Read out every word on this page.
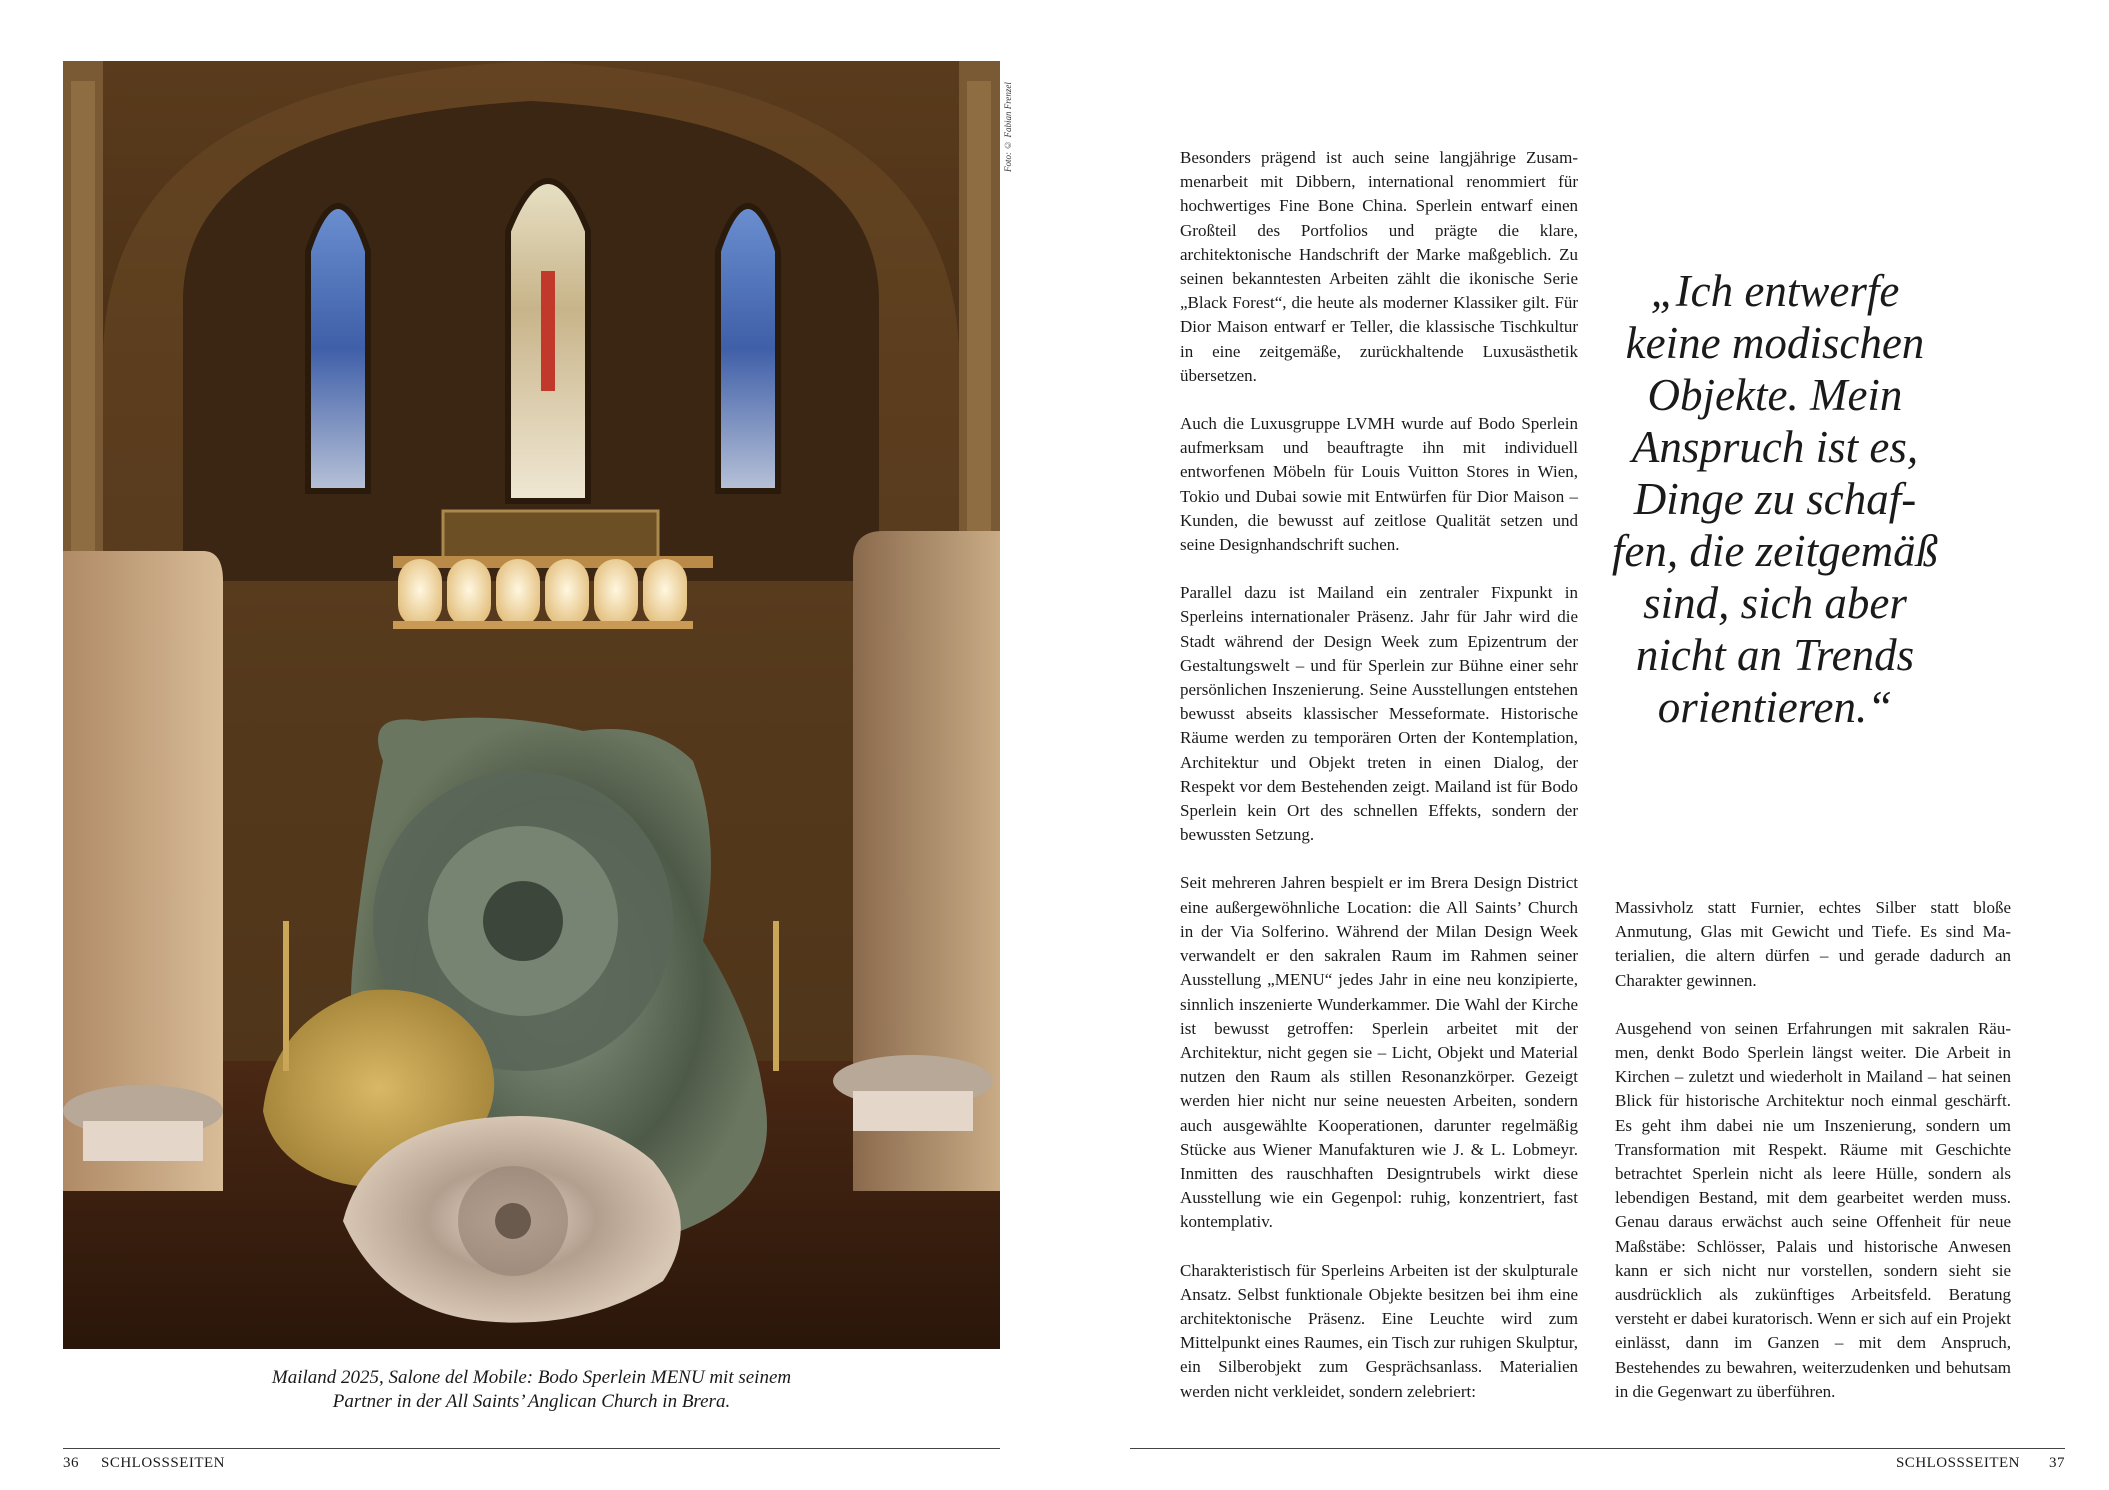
Foto: © Fabian Frenzel
Mailand 2025, Salone del Mobile: Bodo Sperlein MENU mit seinem
Partner in der All Saints’ Anglican Church in Brera.
36 SCHLOSSSEITEN	SCHLOSSSEITEN 37

Besonders prägend ist auch seine langjährige Zusammenarbeit mit Dibbern, international renommiert für hochwertiges Fine Bone China. Sperlein entwarf einen Großteil des Portfolios und prägte die klare, architektonische Handschrift der Marke maßgeblich. Zu seinen bekanntesten Arbeiten zählt die ikonische Serie „Black Forest“, die heute als moderner Klassiker gilt. Für Dior Maison entwarf er Teller, die klassische Tischkultur in eine zeitgemäße, zurückhaltende Luxusästhetik übersetzen.

Auch die Luxusgruppe LVMH wurde auf Bodo Sperlein aufmerksam und beauftragte ihn mit individuell entworfenen Möbeln für Louis Vuitton Stores in Wien, Tokio und Dubai sowie mit Entwürfen für Dior Maison – Kunden, die bewusst auf zeitlose Qualität setzen und seine Designhandschrift suchen.

Parallel dazu ist Mailand ein zentraler Fixpunkt in Sperleins internationaler Präsenz. Jahr für Jahr wird die Stadt während der Design Week zum Epizentrum der Gestaltungswelt – und für Sperlein zur Bühne einer sehr persönlichen Inszenierung. Seine Ausstellungen entstehen bewusst abseits klassischer Messeformate. Historische Räume werden zu temporären Orten der Kontemplation, Architektur und Objekt treten in einen Dialog, der Respekt vor dem Bestehenden zeigt. Mailand ist für Bodo Sperlein kein Ort des schnellen Effekts, sondern der bewussten Setzung.

Seit mehreren Jahren bespielt er im Brera Design District eine außergewöhnliche Location: die All Saints’ Church in der Via Solferino. Während der Milan Design Week verwandelt er den sakralen Raum im Rahmen seiner Ausstellung „MENU“ jedes Jahr in eine neu konzipierte, sinnlich inszenierte Wunderkammer. Die Wahl der Kirche ist bewusst getroffen: Sperlein arbeitet mit der Architektur, nicht gegen sie – Licht, Objekt und Material nutzen den Raum als stillen Resonanzkörper. Gezeigt werden hier nicht nur seine neuesten Arbeiten, sondern auch ausgewählte Kooperationen, darunter regelmäßig Stücke aus Wiener Manufakturen wie J. & L. Lobmeyr. Inmitten des rauschhaften Designtrubels wirkt diese Ausstellung wie ein Gegenpol: ruhig, konzentriert, fast kontemplativ.

Charakteristisch für Sperleins Arbeiten ist der skulpturale Ansatz. Selbst funktionale Objekte besitzen bei ihm eine architektonische Präsenz. Eine Leuchte wird zum Mittelpunkt eines Raumes, ein Tisch zur ruhigen Skulptur, ein Silberobjekt zum Gesprächsanlass. Materialien werden nicht verkleidet, sondern zelebriert:

„Ich entwerfe
keine modischen
Objekte. Mein
Anspruch ist es,
Dinge zu schaf-
fen, die zeitgemäß
sind, sich aber
nicht an Trends
orientieren.“

Massivholz statt Furnier, echtes Silber statt bloße Anmutung, Glas mit Gewicht und Tiefe. Es sind Materialien, die altern dürfen – und gerade dadurch an Charakter gewinnen.

Ausgehend von seinen Erfahrungen mit sakralen Räumen, denkt Bodo Sperlein längst weiter. Die Arbeit in Kirchen – zuletzt und wiederholt in Mailand – hat seinen Blick für historische Architektur noch einmal geschärft. Es geht ihm dabei nie um Inszenierung, sondern um Transformation mit Respekt. Räume mit Geschichte betrachtet Sperlein nicht als leere Hülle, sondern als lebendigen Bestand, mit dem gearbeitet werden muss. Genau daraus erwächst auch seine Offenheit für neue Maßstäbe: Schlösser, Palais und historische Anwesen kann er sich nicht nur vorstellen, sondern sieht sie ausdrücklich als zukünftiges Arbeitsfeld. Beratung versteht er dabei kuratorisch. Wenn er sich auf ein Projekt einlässt, dann im Ganzen – mit dem Anspruch, Bestehendes zu bewahren, weiterzudenken und behutsam in die Gegenwart zu überführen.
